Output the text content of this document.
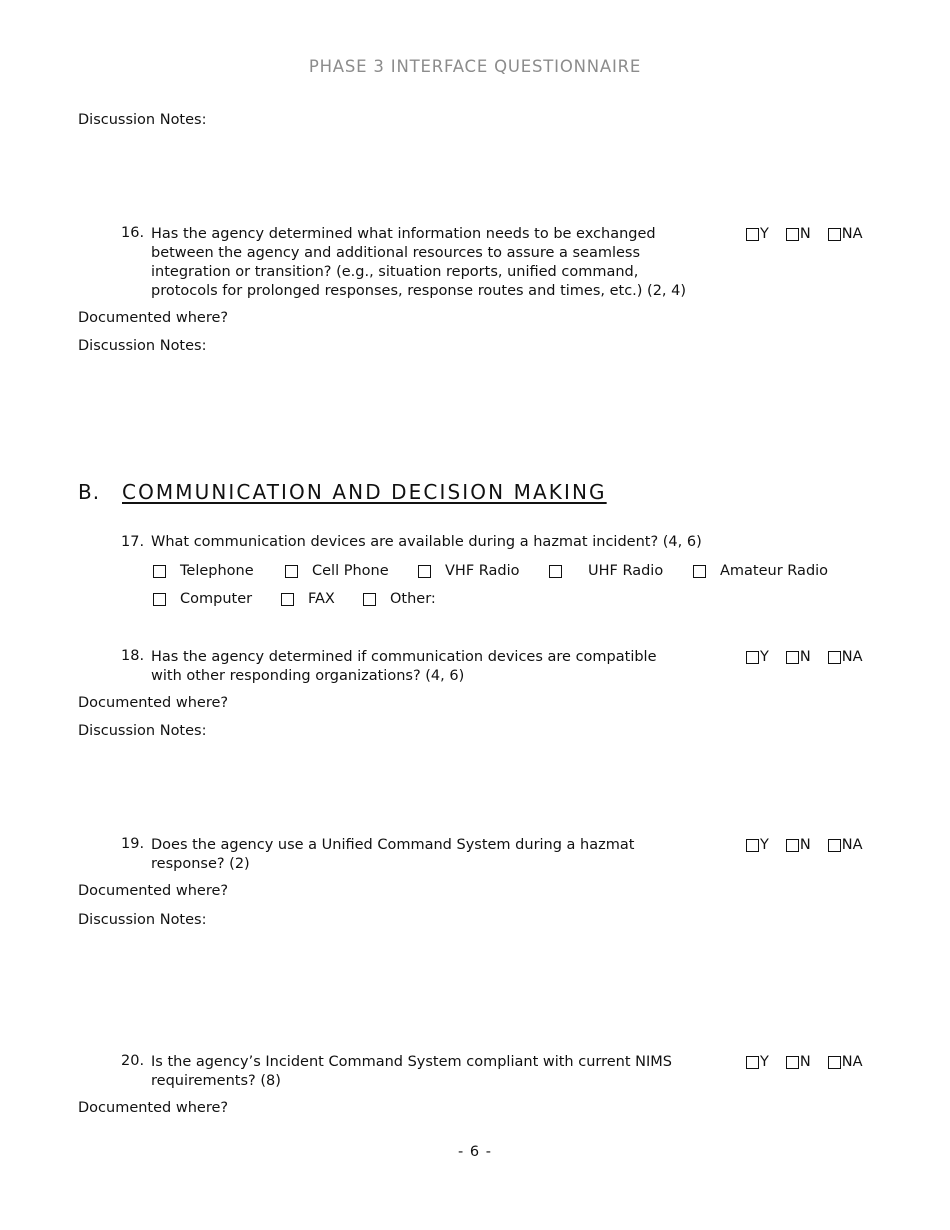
PHASE 3 INTERFACE QUESTIONNAIRE
Discussion Notes:
16. Has the agency determined what information needs to be exchanged
between the agency and additional resources to assure a seamless
integration or transition? (e.g., situation reports, unified command,
protocols for prolonged responses, response routes and times, etc.) (2, 4)
Y N NA
Documented where?
Discussion Notes:
B. COMMUNICATION AND DECISION MAKING
17. What communication devices are available during a hazmat incident? (4, 6)
Telephone	Cell Phone	VHF Radio	UHF Radio	Amateur Radio
Computer	FAX	Other:
18. Has the agency determined if communication devices are compatible
with other responding organizations? (4, 6)
Y N NA
Documented where?
Discussion Notes:
19. Does the agency use a Unified Command System during a hazmat
response? (2)
Y N NA
Documented where?
Discussion Notes:
20. Is the agency’s Incident Command System compliant with current NIMS
requirements? (8)
Y N NA
Documented where?
- 6 -
